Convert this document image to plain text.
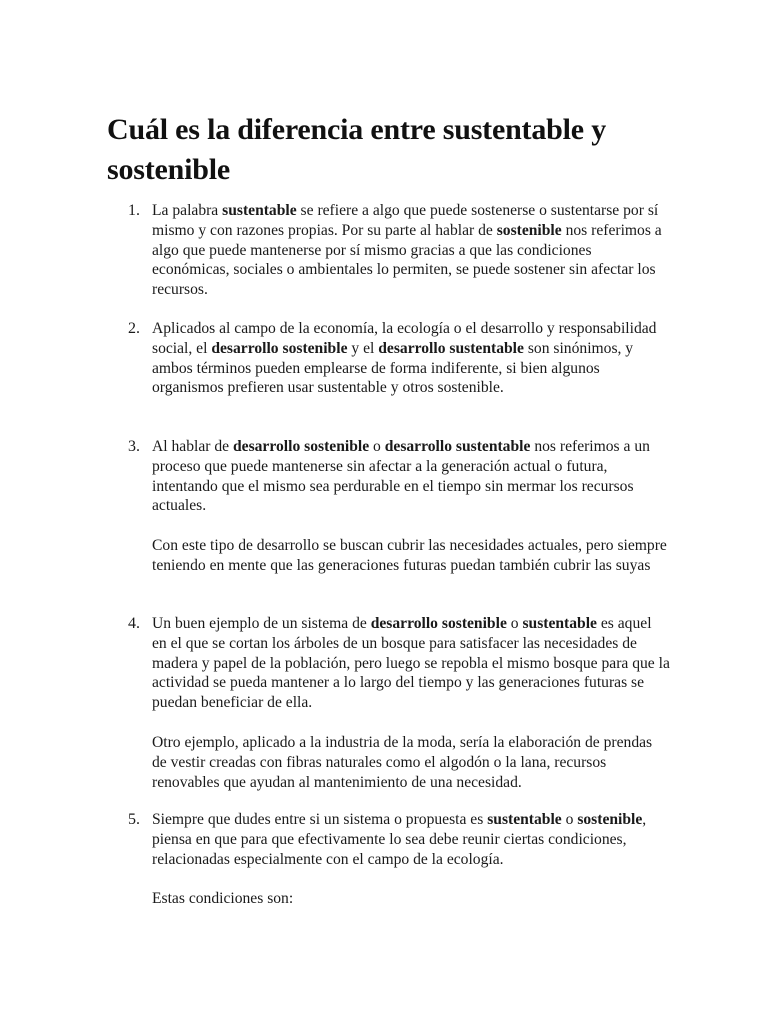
Cuál es la diferencia entre sustentable y sostenible
1. La palabra sustentable se refiere a algo que puede sostenerse o sustentarse por sí mismo y con razones propias. Por su parte al hablar de sostenible nos referimos a algo que puede mantenerse por sí mismo gracias a que las condiciones económicas, sociales o ambientales lo permiten, se puede sostener sin afectar los recursos.

2. Aplicados al campo de la economía, la ecología o el desarrollo y responsabilidad social, el desarrollo sostenible y el desarrollo sustentable son sinónimos, y ambos términos pueden emplearse de forma indiferente, si bien algunos organismos prefieren usar sustentable y otros sostenible.

3. Al hablar de desarrollo sostenible o desarrollo sustentable nos referimos a un proceso que puede mantenerse sin afectar a la generación actual o futura, intentando que el mismo sea perdurable en el tiempo sin mermar los recursos actuales.

Con este tipo de desarrollo se buscan cubrir las necesidades actuales, pero siempre teniendo en mente que las generaciones futuras puedan también cubrir las suyas

4. Un buen ejemplo de un sistema de desarrollo sostenible o sustentable es aquel en el que se cortan los árboles de un bosque para satisfacer las necesidades de madera y papel de la población, pero luego se repobla el mismo bosque para que la actividad se pueda mantener a lo largo del tiempo y las generaciones futuras se puedan beneficiar de ella.

Otro ejemplo, aplicado a la industria de la moda, sería la elaboración de prendas de vestir creadas con fibras naturales como el algodón o la lana, recursos renovables que ayudan al mantenimiento de una necesidad.

5. Siempre que dudes entre si un sistema o propuesta es sustentable o sostenible, piensa en que para que efectivamente lo sea debe reunir ciertas condiciones, relacionadas especialmente con el campo de la ecología.

Estas condiciones son:
